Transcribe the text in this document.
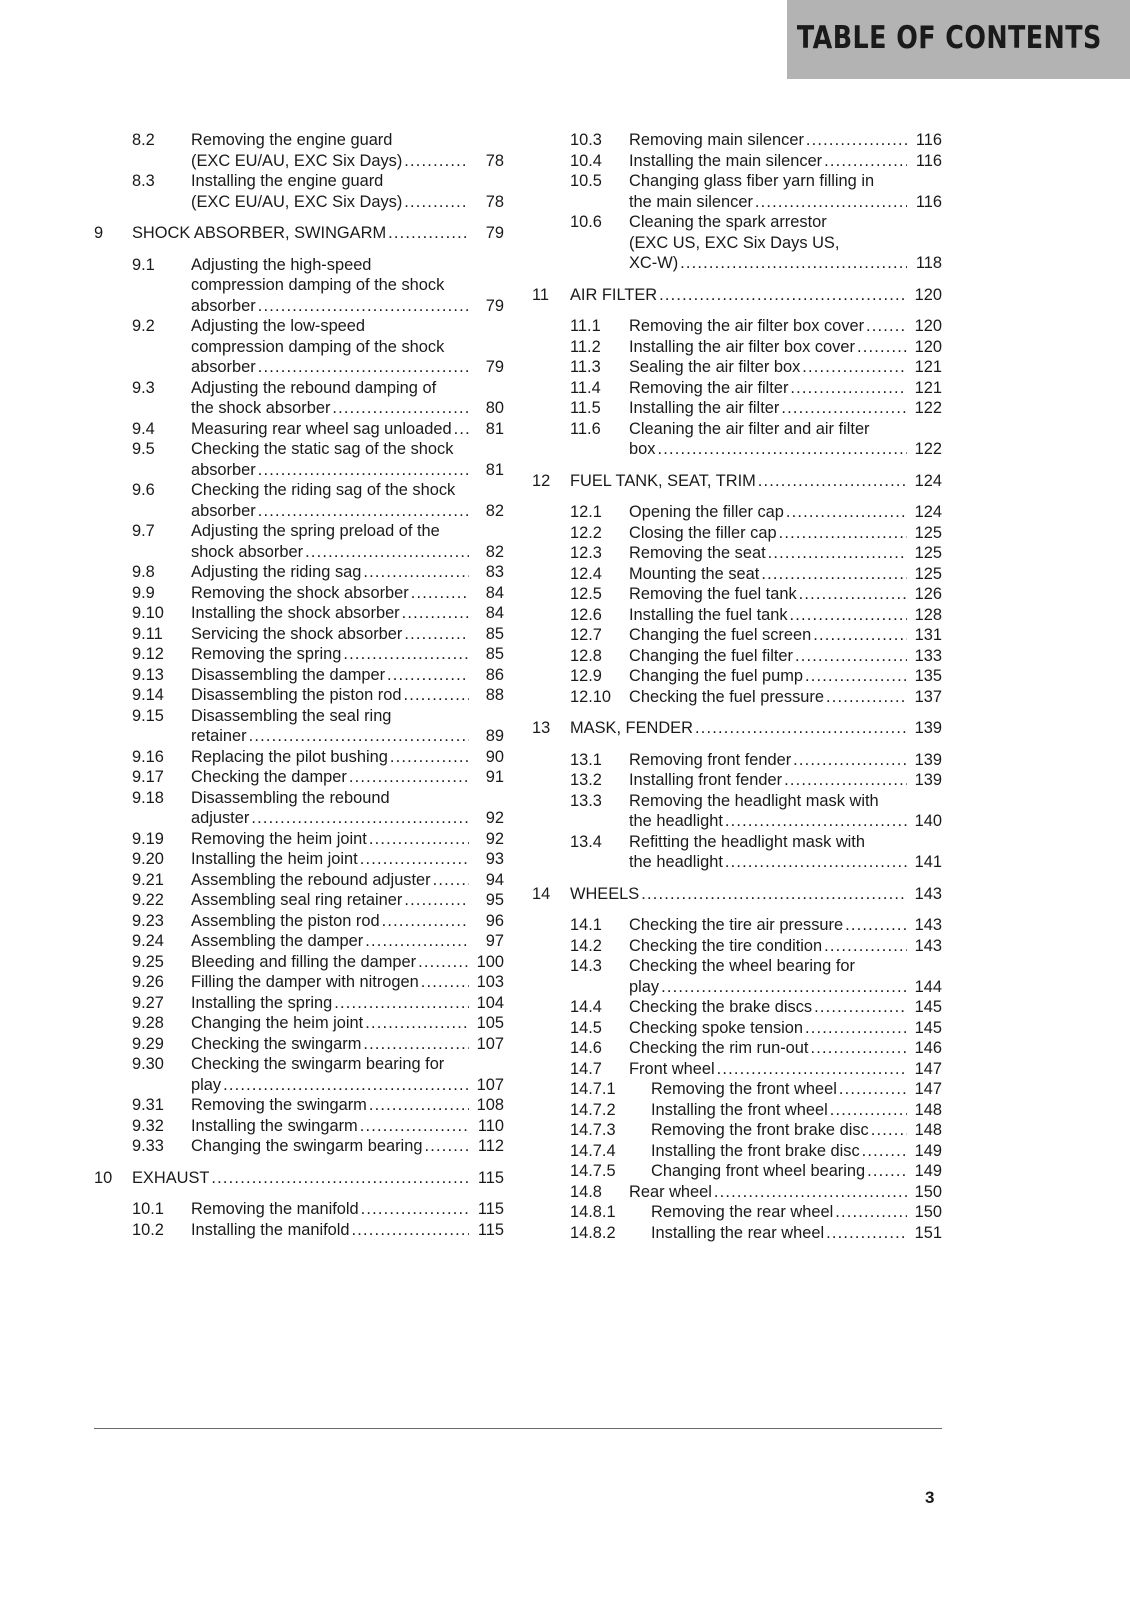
TABLE OF CONTENTS
8.2 Removing the engine guard
(EXC EU/AU, EXC Six Days) .....	78
8.3 Installing the engine guard
(EXC EU/AU, EXC Six Days) .....	78
9 SHOCK ABSORBER, SWINGARM .....	79
9.1 Adjusting the high-speed
compression damping of the shock
absorber .....	79
9.2 Adjusting the low-speed
compression damping of the shock
absorber .....	79
9.3 Adjusting the rebound damping of
the shock absorber .....	80
9.4 Measuring rear wheel sag unloaded .....	81
9.5 Checking the static sag of the shock
absorber .....	81
9.6 Checking the riding sag of the shock
absorber .....	82
9.7 Adjusting the spring preload of the
shock absorber .....	82
9.8 Adjusting the riding sag .....	83
9.9 Removing the shock absorber .....	84
9.10 Installing the shock absorber .....	84
9.11 Servicing the shock absorber .....	85
9.12 Removing the spring .....	85
9.13 Disassembling the damper .....	86
9.14 Disassembling the piston rod .....	88
9.15 Disassembling the seal ring
retainer .....	89
9.16 Replacing the pilot bushing .....	90
9.17 Checking the damper .....	91
9.18 Disassembling the rebound
adjuster .....	92
9.19 Removing the heim joint .....	92
9.20 Installing the heim joint .....	93
9.21 Assembling the rebound adjuster .....	94
9.22 Assembling seal ring retainer .....	95
9.23 Assembling the piston rod .....	96
9.24 Assembling the damper .....	97
9.25 Bleeding and filling the damper .....	100
9.26 Filling the damper with nitrogen .....	103
9.27 Installing the spring .....	104
9.28 Changing the heim joint .....	105
9.29 Checking the swingarm .....	107
9.30 Checking the swingarm bearing for
play .....	107
9.31 Removing the swingarm .....	108
9.32 Installing the swingarm .....	110
9.33 Changing the swingarm bearing .....	112
10 EXHAUST .....	115
10.1 Removing the manifold .....	115
10.2 Installing the manifold .....	115
10.3 Removing main silencer .....	116
10.4 Installing the main silencer .....	116
10.5 Changing glass fiber yarn filling in
the main silencer .....	116
10.6 Cleaning the spark arrestor
(EXC US, EXC Six Days US,
XC-W) .....	118
11 AIR FILTER .....	120
11.1 Removing the air filter box cover .....	120
11.2 Installing the air filter box cover .....	120
11.3 Sealing the air filter box .....	121
11.4 Removing the air filter .....	121
11.5 Installing the air filter .....	122
11.6 Cleaning the air filter and air filter
box .....	122
12 FUEL TANK, SEAT, TRIM .....	124
12.1 Opening the filler cap .....	124
12.2 Closing the filler cap .....	125
12.3 Removing the seat .....	125
12.4 Mounting the seat .....	125
12.5 Removing the fuel tank .....	126
12.6 Installing the fuel tank .....	128
12.7 Changing the fuel screen .....	131
12.8 Changing the fuel filter .....	133
12.9 Changing the fuel pump .....	135
12.10 Checking the fuel pressure .....	137
13 MASK, FENDER .....	139
13.1 Removing front fender .....	139
13.2 Installing front fender .....	139
13.3 Removing the headlight mask with
the headlight .....	140
13.4 Refitting the headlight mask with
the headlight .....	141
14 WHEELS .....	143
14.1 Checking the tire air pressure .....	143
14.2 Checking the tire condition .....	143
14.3 Checking the wheel bearing for
play .....	144
14.4 Checking the brake discs .....	145
14.5 Checking spoke tension .....	145
14.6 Checking the rim run-out .....	146
14.7 Front wheel .....	147
14.7.1 Removing the front wheel .....	147
14.7.2 Installing the front wheel .....	148
14.7.3 Removing the front brake disc .....	148
14.7.4 Installing the front brake disc .....	149
14.7.5 Changing front wheel bearing .....	149
14.8 Rear wheel .....	150
14.8.1 Removing the rear wheel .....	150
14.8.2 Installing the rear wheel .....	151
3
